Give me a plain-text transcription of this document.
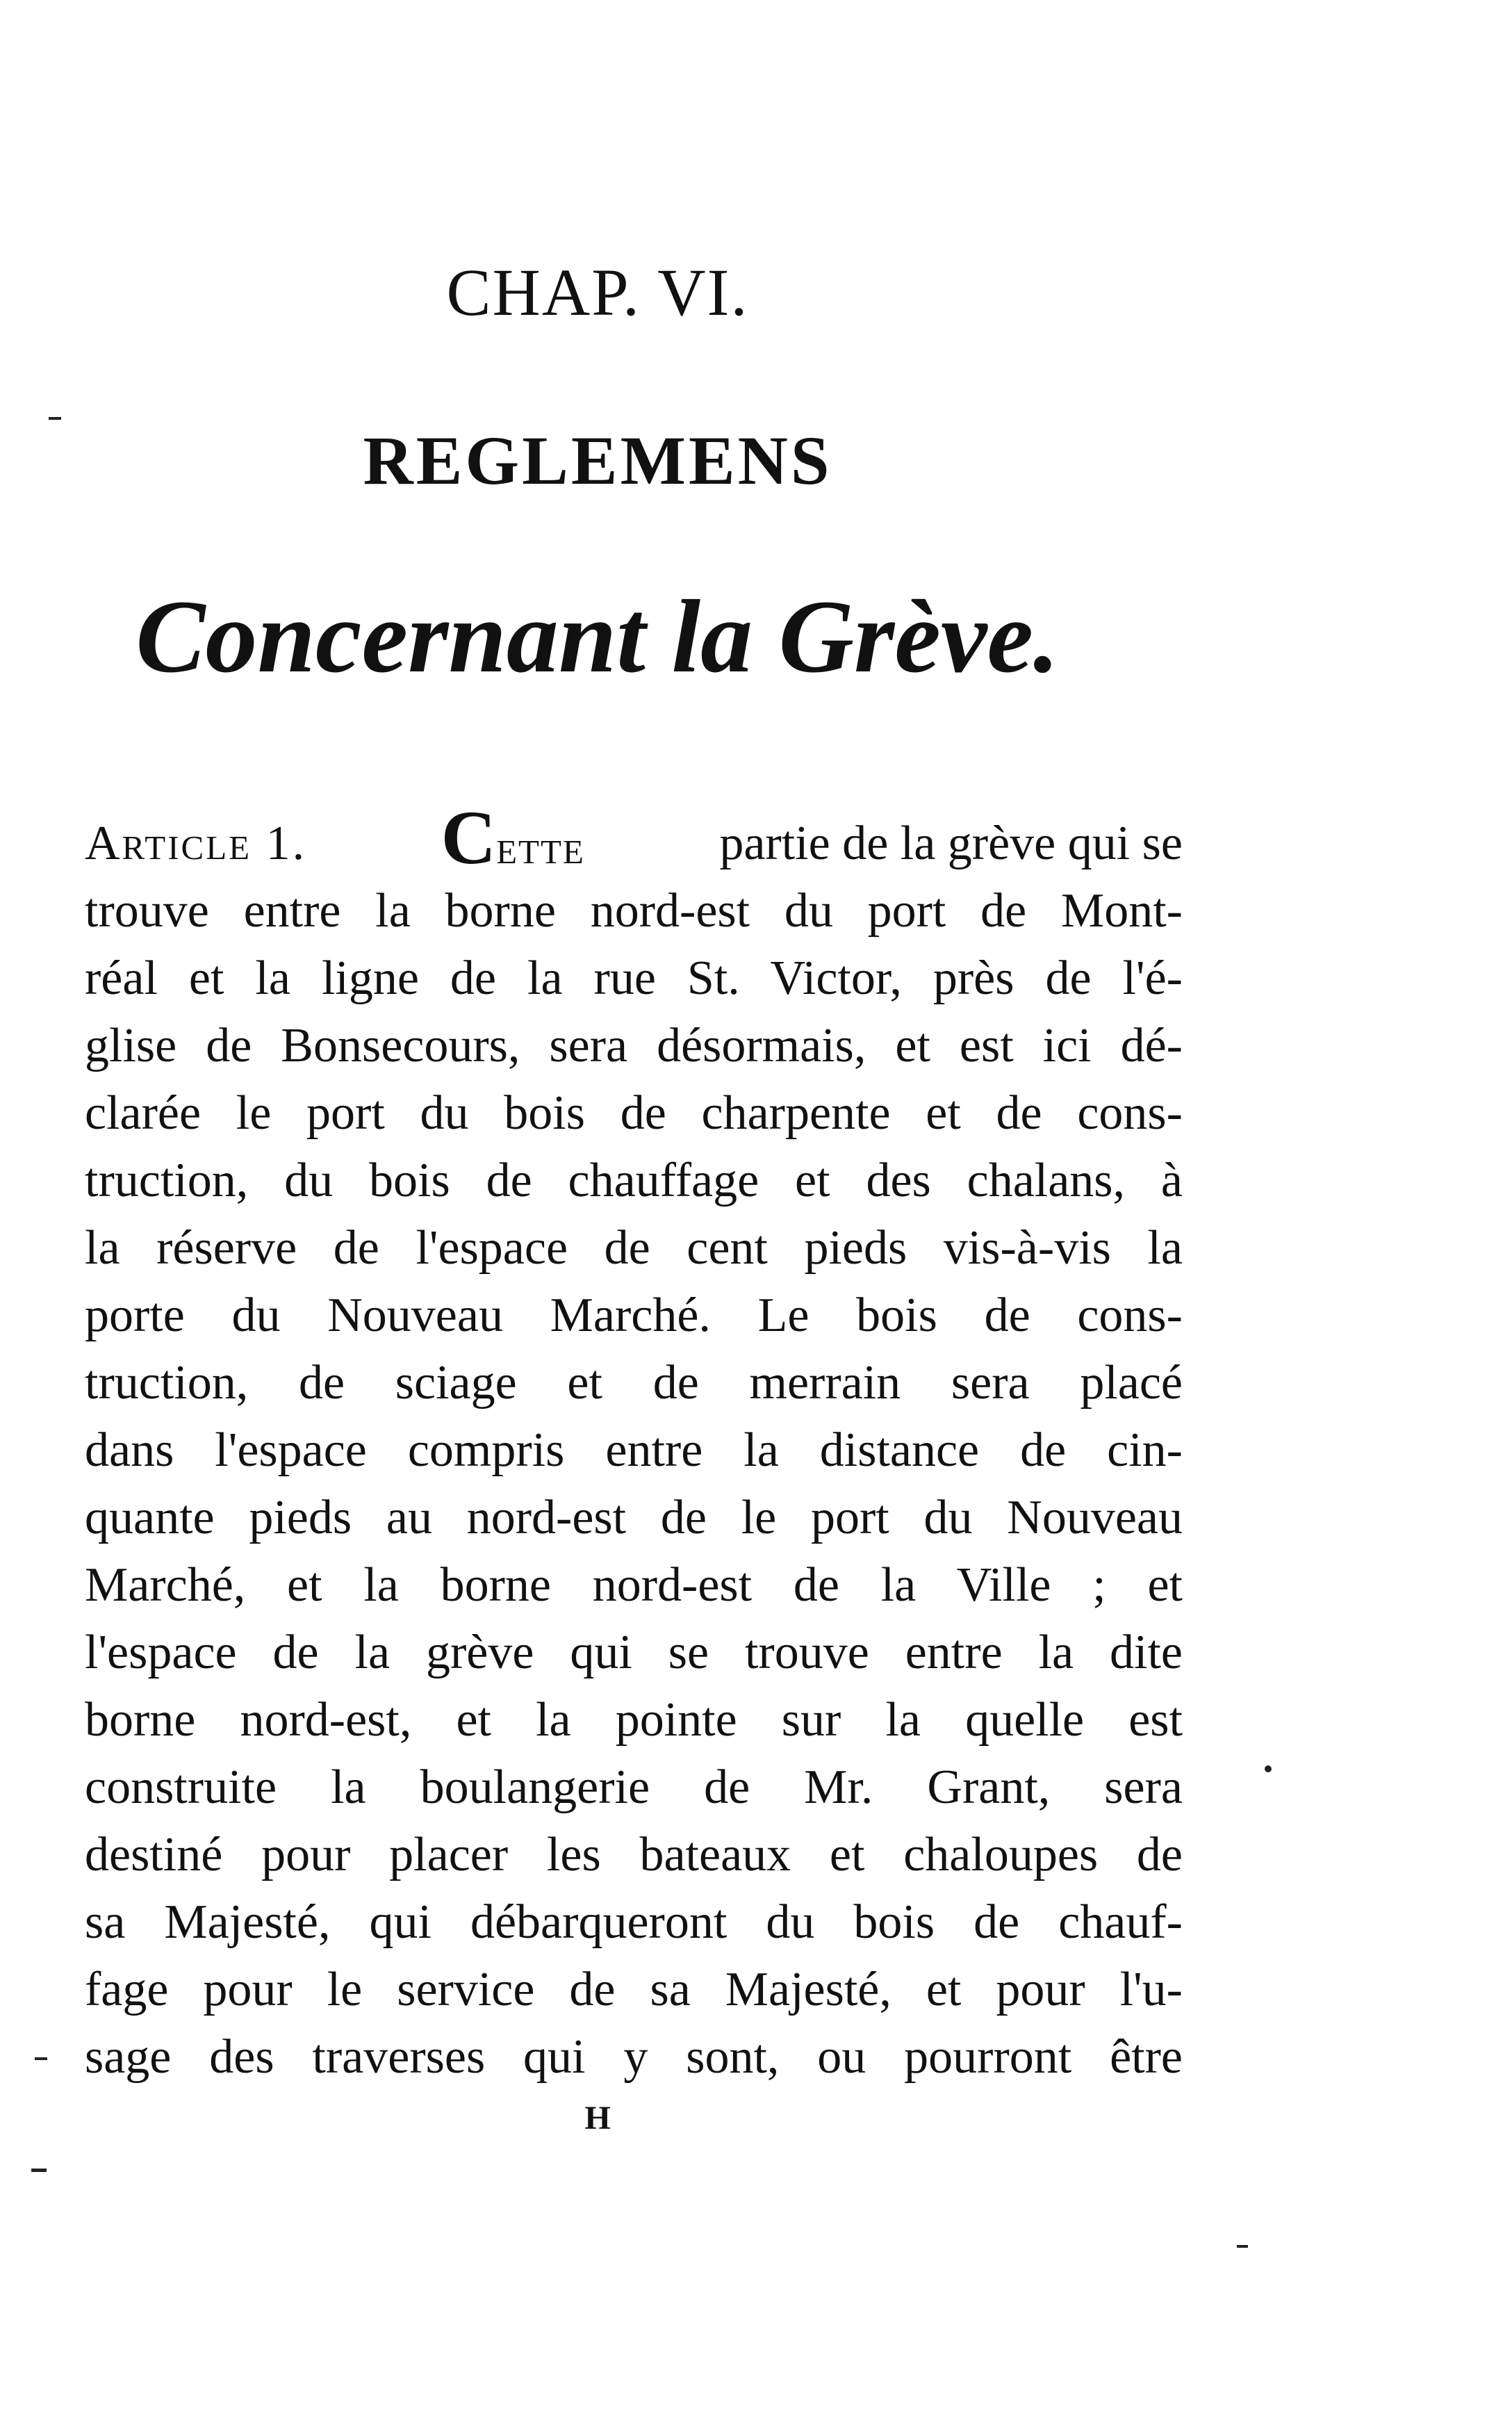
CHAP. VI.
REGLEMENS
Concernant la Grève.
Article 1. Cette	partie de la grève qui se
trouve entre la borne nord-est du port de Mont-
réal et la ligne de la rue St. Victor, près de l'é-
glise de Bonsecours, sera désormais, et est ici dé-
clarée le port du bois de charpente et de cons-
truction, du bois de chauffage et des chalans, à
la réserve de l'espace de cent pieds vis-à-vis la
porte du Nouveau Marché. Le bois de cons-
truction, de sciage et de merrain sera placé
dans l'espace compris entre la distance de cin-
quante pieds au nord-est de le port du Nouveau
Marché, et la borne nord-est de la Ville ; et
l'espace de la grève qui se trouve entre la dite
borne nord-est, et la pointe sur la quelle est
construite la boulangerie de Mr. Grant, sera
destiné pour placer les bateaux et chaloupes de
sa Majesté, qui débarqueront du bois de chauf-
fage pour le service de sa Majesté, et pour l'u-
sage des traverses qui y sont, ou pourront être
H
